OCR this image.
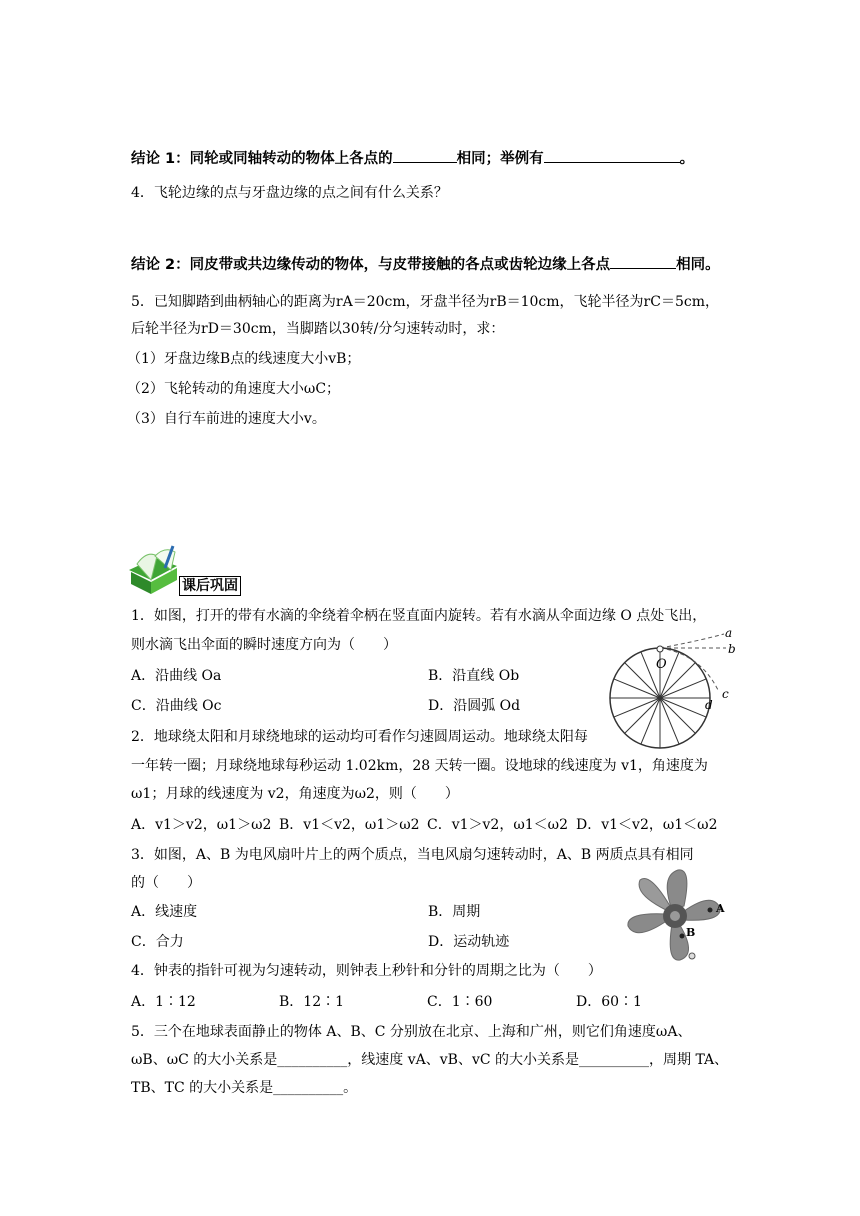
结论 1：同轮或同轴转动的物体上各点的	相同；举例有	。
4．飞轮边缘的点与牙盘边缘的点之间有什么关系？
结论 2：同皮带或共边缘传动的物体，与皮带接触的各点或齿轮边缘上各点	相同。
5．已知脚踏到曲柄轴心的距离为rA＝20cm，牙盘半径为rB＝10cm，飞轮半径为rC＝5cm，
后轮半径为rD＝30cm，当脚踏以30转/分匀速转动时，求：
（1）牙盘边缘B点的线速度大小vB；
（2）飞轮转动的角速度大小ωC；
（3）自行车前进的速度大小v。
课后巩固
1．如图，打开的带有水滴的伞绕着伞柄在竖直面内旋转。若有水滴从伞面边缘 O 点处飞出，
则水滴飞出伞面的瞬时速度方向为（　　）
A．沿曲线 Oa	B．沿直线 Ob
C．沿曲线 Oc	D．沿圆弧 Od
O
a
b
c
d
2．地球绕太阳和月球绕地球的运动均可看作匀速圆周运动。地球绕太阳每
一年转一圈；月球绕地球每秒运动 1.02km，28 天转一圈。设地球的线速度为 v1，角速度为
ω1；月球的线速度为 v2，角速度为ω2，则（　　）
A．v1＞v2，ω1＞ω2 B．v1＜v2，ω1＞ω2 C．v1＞v2，ω1＜ω2 D．v1＜v2，ω1＜ω2
3．如图，A、B 为电风扇叶片上的两个质点，当电风扇匀速转动时，A、B 两质点具有相同
的（　　）
A．线速度	B．周期
C．合力	D．运动轨迹
A
B
4．钟表的指针可视为匀速转动，则钟表上秒针和分针的周期之比为（　　）
A．1∶12	B．12∶1	C．1∶60	D．60∶1
5．三个在地球表面静止的物体 A、B、C 分别放在北京、上海和广州，则它们角速度ωA、
ωB、ωC 的大小关系是__________，线速度 vA、vB、vC 的大小关系是__________，周期 TA、
TB、TC 的大小关系是__________。
